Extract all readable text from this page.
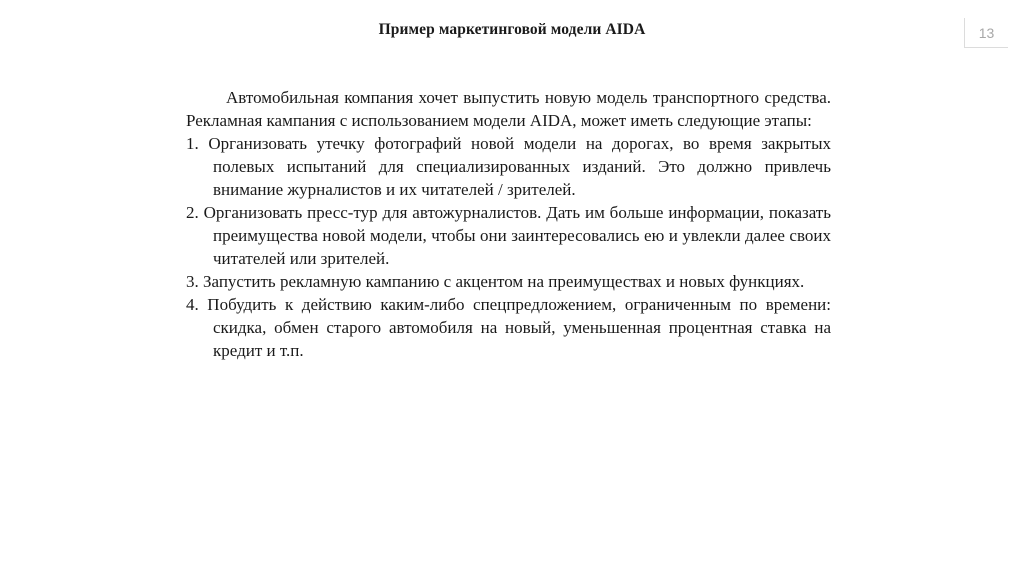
Пример маркетинговой модели AIDA	13

Автомобильная компания хочет выпустить новую модель транспортного средства. Рекламная кампания с использованием модели AIDA, может иметь следующие этапы:

1. Организовать утечку фотографий новой модели на дорогах, во время закрытых полевых испытаний для специализированных изданий. Это должно привлечь внимание журналистов и их читателей / зрителей.

2. Организовать пресс-тур для автожурналистов. Дать им больше информации, показать преимущества новой модели, чтобы они заинтересовались ею и увлекли далее своих читателей или зрителей.

3. Запустить рекламную кампанию с акцентом на преимуществах и новых функциях.

4. Побудить к действию каким-либо спецпредложением, ограниченным по времени: скидка, обмен старого автомобиля на новый, уменьшенная процентная ставка на кредит и т.п.
